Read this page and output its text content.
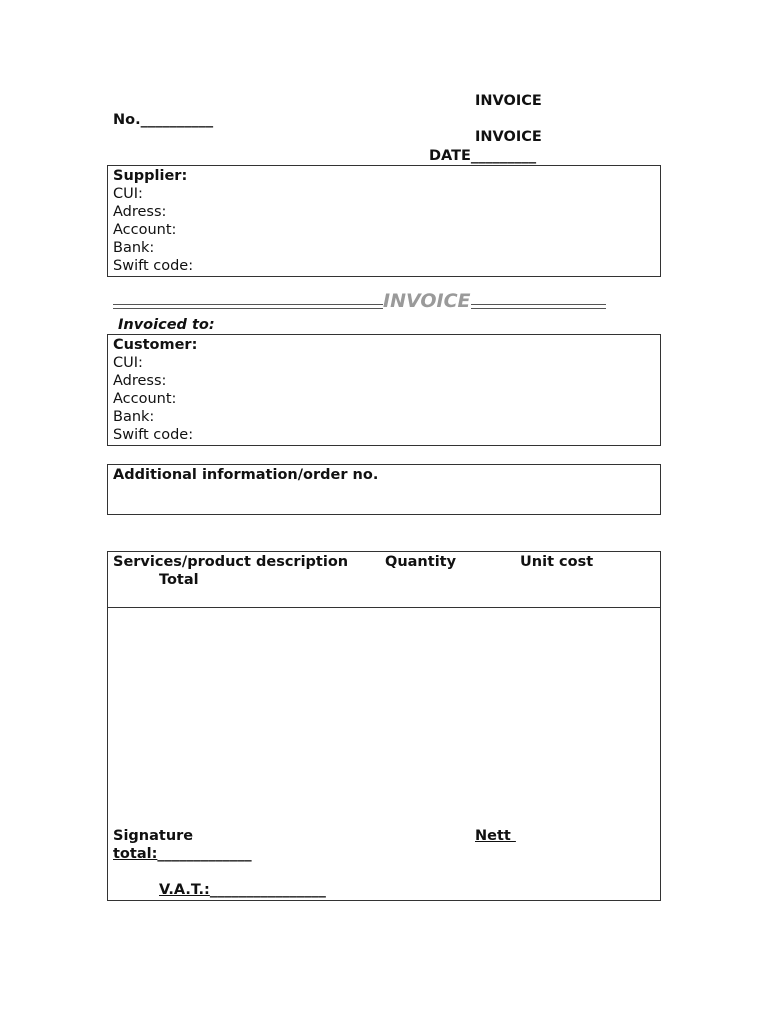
INVOICE
No.__________
INVOICE
DATE_________
Supplier:
CUI:
Adress:
Account:
Bank:
Swift code:
INVOICE
Invoiced to:
Customer:
CUI:
Adress:
Account:
Bank:
Swift code:
Additional information/order no.
Services/product description	Quantity	Unit cost
Total
Signature	Nett
total:_____________
V.A.T.:________________
